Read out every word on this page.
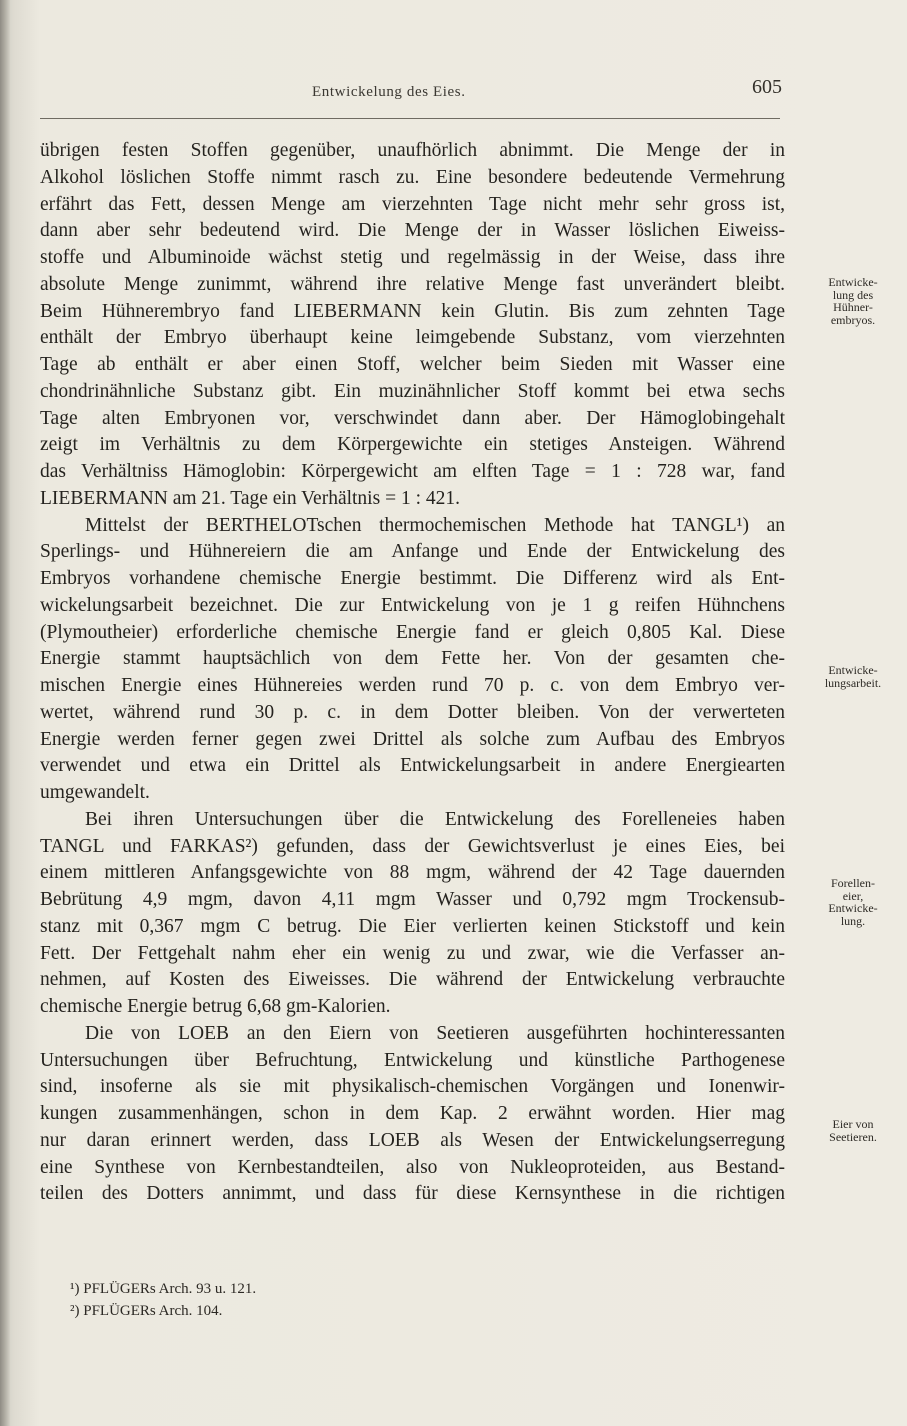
Entwickelung des Eies.	605
übrigen festen Stoffen gegenüber, unaufhörlich abnimmt. Die Menge der in
Alkohol löslichen Stoffe nimmt rasch zu. Eine besondere bedeutende Vermehrung
erfährt das Fett, dessen Menge am vierzehnten Tage nicht mehr sehr gross ist,
dann aber sehr bedeutend wird. Die Menge der in Wasser löslichen Eiweiss-
stoffe und Albuminoide wächst stetig und regelmässig in der Weise, dass ihre
absolute Menge zunimmt, während ihre relative Menge fast unverändert bleibt.
Beim Hühnerembryo fand LIEBERMANN kein Glutin. Bis zum zehnten Tage
enthält der Embryo überhaupt keine leimgebende Substanz, vom vierzehnten
Tage ab enthält er aber einen Stoff, welcher beim Sieden mit Wasser eine
chondrinähnliche Substanz gibt. Ein muzinähnlicher Stoff kommt bei etwa sechs
Tage alten Embryonen vor, verschwindet dann aber. Der Hämoglobingehalt
zeigt im Verhältnis zu dem Körpergewichte ein stetiges Ansteigen. Während
das Verhältniss Hämoglobin: Körpergewicht am elften Tage = 1 : 728 war, fand
LIEBERMANN am 21. Tage ein Verhältnis = 1 : 421.
Mittelst der BERTHELOTschen thermochemischen Methode hat TANGL¹) an
Sperlings- und Hühnereiern die am Anfange und Ende der Entwickelung des
Embryos vorhandene chemische Energie bestimmt. Die Differenz wird als Ent-
wickelungsarbeit bezeichnet. Die zur Entwickelung von je 1 g reifen Hühnchens
(Plymoutheier) erforderliche chemische Energie fand er gleich 0,805 Kal. Diese
Energie stammt hauptsächlich von dem Fette her. Von der gesamten che-
mischen Energie eines Hühnereies werden rund 70 p. c. von dem Embryo ver-
wertet, während rund 30 p. c. in dem Dotter bleiben. Von der verwerteten
Energie werden ferner gegen zwei Drittel als solche zum Aufbau des Embryos
verwendet und etwa ein Drittel als Entwickelungsarbeit in andere Energiearten
umgewandelt.
Bei ihren Untersuchungen über die Entwickelung des Forelleneies haben
TANGL und FARKAS²) gefunden, dass der Gewichtsverlust je eines Eies, bei
einem mittleren Anfangsgewichte von 88 mgm, während der 42 Tage dauernden
Bebrütung 4,9 mgm, davon 4,11 mgm Wasser und 0,792 mgm Trockensub-
stanz mit 0,367 mgm C betrug. Die Eier verlierten keinen Stickstoff und kein
Fett. Der Fettgehalt nahm eher ein wenig zu und zwar, wie die Verfasser an-
nehmen, auf Kosten des Eiweisses. Die während der Entwickelung verbrauchte
chemische Energie betrug 6,68 gm-Kalorien.
Die von LOEB an den Eiern von Seetieren ausgeführten hochinteressanten
Untersuchungen über Befruchtung, Entwickelung und künstliche Parthogenese
sind, insoferne als sie mit physikalisch-chemischen Vorgängen und Ionenwir-
kungen zusammenhängen, schon in dem Kap. 2 erwähnt worden. Hier mag
nur daran erinnert werden, dass LOEB als Wesen der Entwickelungserregung
eine Synthese von Kernbestandteilen, also von Nukleoproteiden, aus Bestand-
teilen des Dotters annimmt, und dass für diese Kernsynthese in die richtigen
Entwicke-
lung des
Hühner-
embryos.
Entwicke-
lungsarbeit.
Forellen-
eier,
Entwicke-
lung.
Eier von
Seetieren.
¹) PFLÜGERs Arch. 93 u. 121.
²) PFLÜGERs Arch. 104.
